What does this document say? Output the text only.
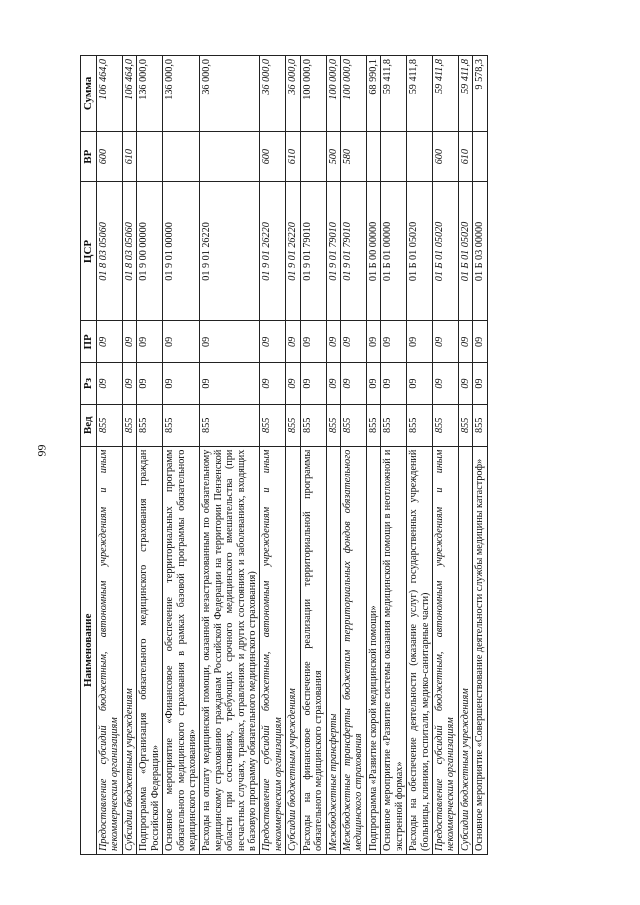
99
Наименование	Вед	Рз	ПР	ЦСР	ВР	Сумма
Предоставление субсидий бюджетным, автономным учреждениям и иным некоммерческим организациям	855	09	09	01 8 03 05060	600	106 464,0
Субсидии бюджетным учреждениям	855	09	09	01 8 03 05060	610	106 464,0
Подпрограмма «Организация обязательного медицинского страхования граждан Российской Федерации»	855	09	09	01 9 00 00000		136 000,0
Основное мероприятие «Финансовое обеспечение территориальных программ обязательного медицинского страхования в рамках базовой программы обязательного медицинского страхования»	855	09	09	01 9 01 00000		136 000,0
Расходы на оплату медицинской помощи, оказанной незастрахованным по обязательному медицинскому страхованию гражданам Российской Федерации на территории Пензенской области при состояниях, требующих срочного медицинского вмешательства (при несчастных случаях, травмах, отравлениях и других состояниях и заболеваниях, входящих в базовую программу обязательного медицинского страхования)	855	09	09	01 9 01 26220		36 000,0
Предоставление субсидий бюджетным, автономным учреждениям и иным некоммерческим организациям	855	09	09	01 9 01 26220	600	36 000,0
Субсидии бюджетным учреждениям	855	09	09	01 9 01 26220	610	36 000,0
Расходы на финансовое обеспечение реализации территориальной программы обязательного медицинского страхования	855	09	09	01 9 01 79010		100 000,0
Межбюджетные трансферты	855	09	09	01 9 01 79010	500	100 000,0
Межбюджетные трансферты бюджетам территориальных фондов обязательного медицинского страхования	855	09	09	01 9 01 79010	580	100 000,0
Подпрограмма «Развитие скорой медицинской помощи»	855	09	09	01 Б 00 00000		68 990,1
Основное мероприятие «Развитие системы оказания медицинской помощи в неотложной и экстренной формах»	855	09	09	01 Б 01 00000		59 411,8
Расходы на обеспечение деятельности (оказание услуг) государственных учреждений (больницы, клиники, госпитали, медико-санитарные части)	855	09	09	01 Б 01 05020		59 411,8
Предоставление субсидий бюджетным, автономным учреждениям и иным некоммерческим организациям	855	09	09	01 Б 01 05020	600	59 411,8
Субсидии бюджетным учреждениям	855	09	09	01 Б 01 05020	610	59 411,8
Основное мероприятие «Совершенствование деятельности службы медицины катастроф»	855	09	09	01 Б 03 00000		9 578,3
